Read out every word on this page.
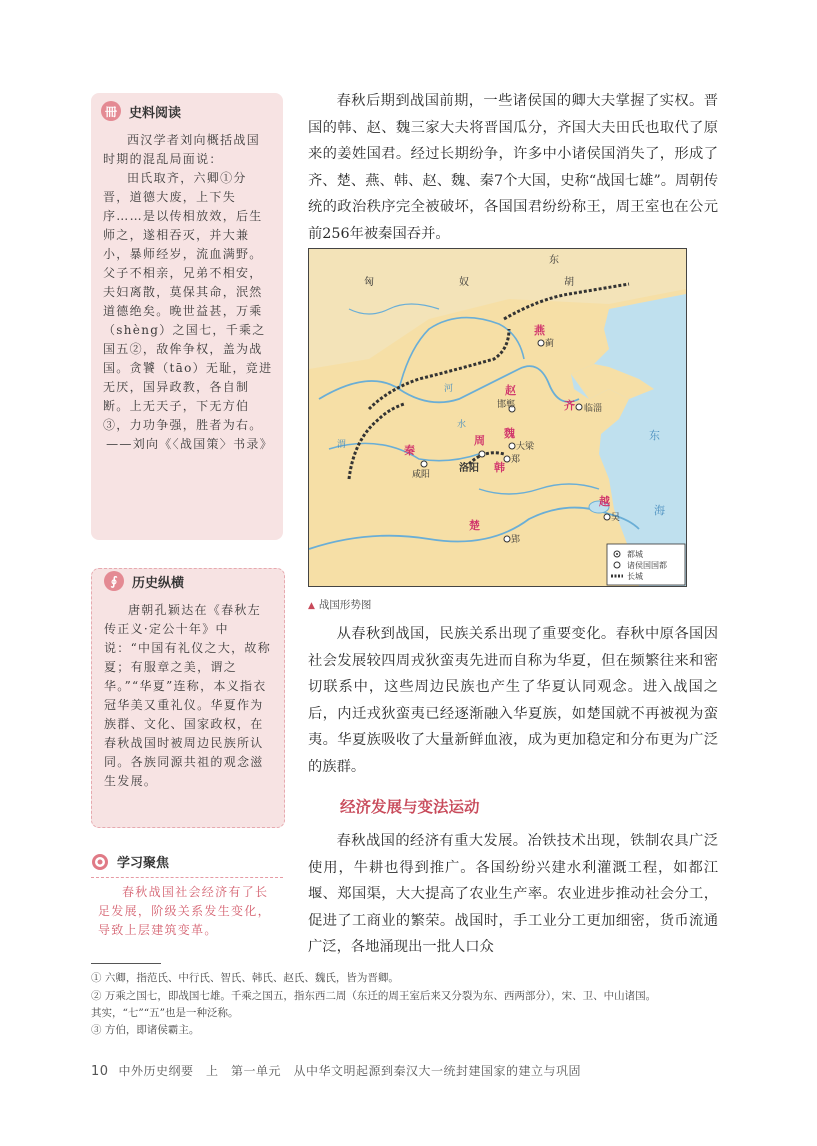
冊 史料阅读

西汉学者刘向概括战国时期的混乱局面说：

田氏取齐，六卿①分晋，道德大废，上下失序……是以传相放效，后生师之，遂相吞灭，并大兼小，暴师经岁，流血满野。父子不相亲，兄弟不相安，夫妇离散，莫保其命，泯然道德绝矣。晚世益甚，万乘（shèng）之国七，千乘之国五②，敌侔争权，盖为战国。贪饕（tāo）无耻，竞进无厌，国异政教，各自制断。上无天子，下无方伯③，力功争强，胜者为右。

——刘向《〈战国策〉书录》

∮	历史纵横

唐朝孔颖达在《春秋左传正义·定公十年》中说：“中国有礼仪之大，故称夏；有服章之美，谓之华。”“华夏”连称，本义指衣冠华美又重礼仪。华夏作为族群、文化、国家政权，在春秋战国时被周边民族所认同。各族同源共祖的观念滋生发展。

学习聚焦
春秋战国社会经济有了长足发展，阶级关系发生变化，导致上层建筑变革。

春秋后期到战国前期，一些诸侯国的卿大夫掌握了实权。晋国的韩、赵、魏三家大夫将晋国瓜分，齐国大夫田氏也取代了原来的姜姓国君。经过长期纷争，许多中小诸侯国消失了，形成了齐、楚、燕、韩、赵、魏、秦7个大国，史称“战国七雄”。周朝传统的政治秩序完全被破坏，各国国君纷纷称王，周王室也在公元前256年被秦国吞并。

匈	奴
东
胡
蓟
邯郸	临淄
咸阳
洛阳
大梁
郑
郢
吴
河
水
渭
东
海
燕
赵
齐
秦
周
魏
韩
楚
越
都城
诸侯国国都
长城
▲ 战国形势图

从春秋到战国，民族关系出现了重要变化。春秋中原各国因社会发展较四周戎狄蛮夷先进而自称为华夏，但在频繁往来和密切联系中，这些周边民族也产生了华夏认同观念。进入战国之后，内迁戎狄蛮夷已经逐渐融入华夏族，如楚国就不再被视为蛮夷。华夏族吸收了大量新鲜血液，成为更加稳定和分布更为广泛的族群。

经济发展与变法运动

春秋战国的经济有重大发展。冶铁技术出现，铁制农具广泛使用，牛耕也得到推广。各国纷纷兴建水利灌溉工程，如都江堰、郑国渠，大大提高了农业生产率。农业进步推动社会分工，促进了工商业的繁荣。战国时，手工业分工更加细密，货币流通广泛，各地涌现出一批人口众

① 六卿，指范氏、中行氏、智氏、韩氏、赵氏、魏氏，皆为晋卿。
② 万乘之国七，即战国七雄。千乘之国五，指东西二周（东迁的周王室后来又分裂为东、西两部分），宋、卫、中山诸国。
其实，“七”“五”也是一种泛称。
③ 方伯，即诸侯霸主。
10 中外历史纲要　上　第一单元　从中华文明起源到秦汉大一统封建国家的建立与巩固
